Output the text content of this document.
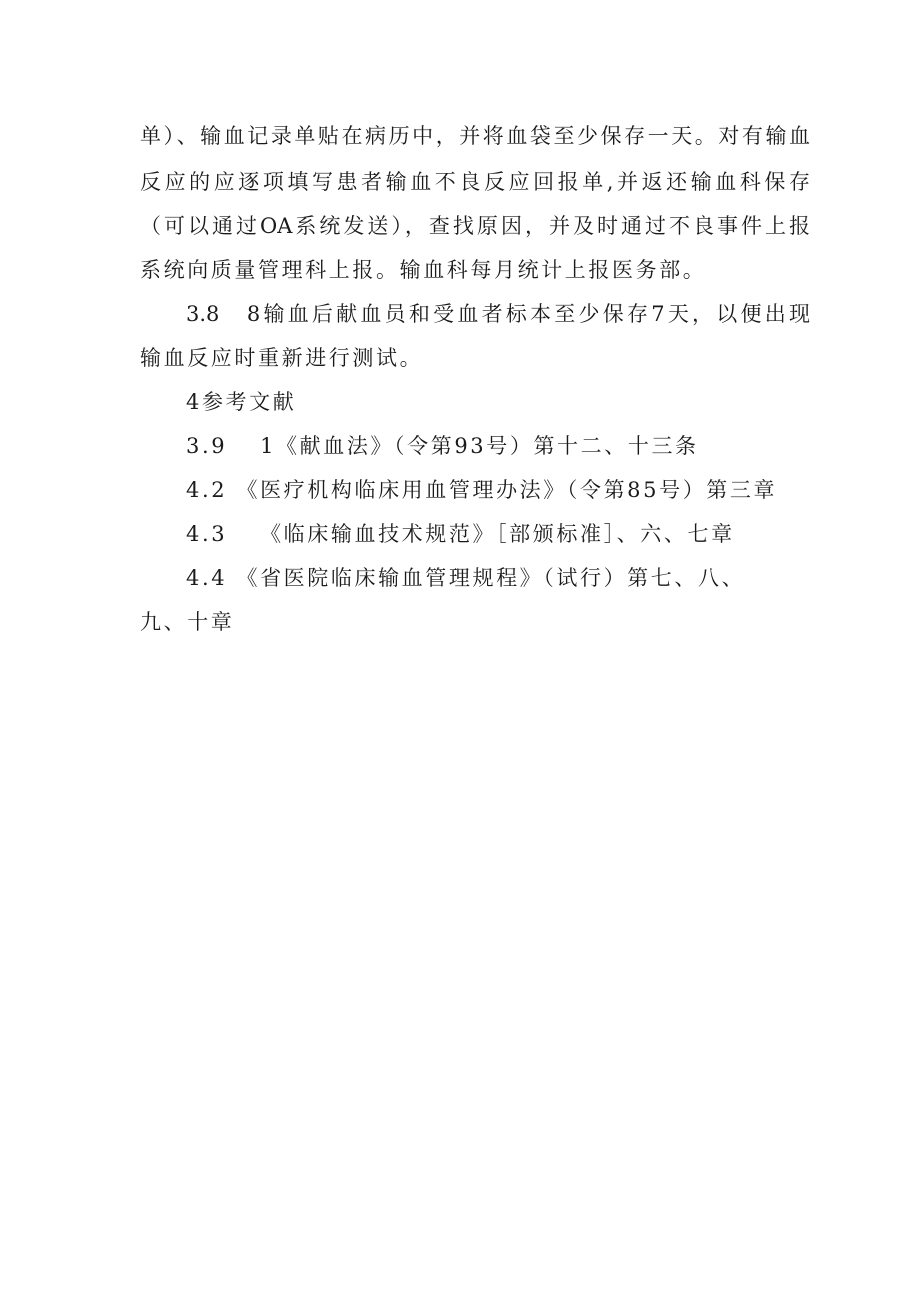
单）、输血记录单贴在病历中，并将血袋至少保存一天。对有输血
反应的应逐项填写患者输血不良反应回报单,并返还输血科保存
（可以通过OA系统发送），查找原因，并及时通过不良事件上报
系统向质量管理科上报。输血科每月统计上报医务部。
3.8　8输血后献血员和受血者标本至少保存7天，以便出现
输血反应时重新进行测试。
4参考文献
3.9　 1《献血法》（令第93号）第十二、十三条
4.2 《医疗机构临床用血管理办法》（令第85号）第三章
4.3　 《临床输血技术规范》［部颁标准］、六、七章
4.4 《省医院临床输血管理规程》（试行）第七、八、
九、十章
